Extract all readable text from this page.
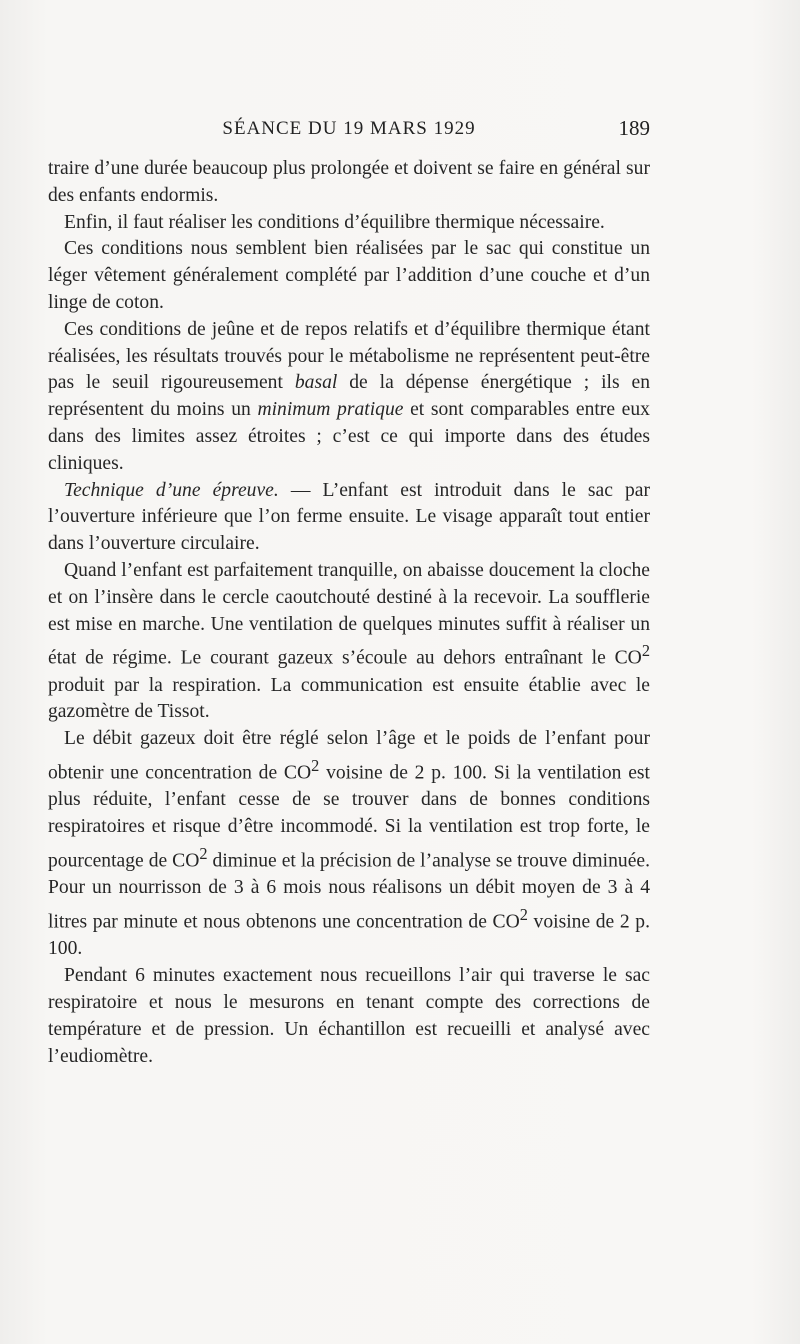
SÉANCE DU 19 MARS 1929	189

traire d’une durée beaucoup plus prolongée et doivent se faire en général sur des enfants endormis.

Enfin, il faut réaliser les conditions d’équilibre thermique nécessaire.

Ces conditions nous semblent bien réalisées par le sac qui constitue un léger vêtement généralement complété par l’addition d’une couche et d’un linge de coton.

Ces conditions de jeûne et de repos relatifs et d’équilibre thermique étant réalisées, les résultats trouvés pour le métabolisme ne représentent peut-être pas le seuil rigoureusement basal de la dépense énergétique ; ils en représentent du moins un minimum pratique et sont comparables entre eux dans des limites assez étroites ; c’est ce qui importe dans des études cliniques.

Technique d’une épreuve. — L’enfant est introduit dans le sac par l’ouverture inférieure que l’on ferme ensuite. Le visage apparaît tout entier dans l’ouverture circulaire.

Quand l’enfant est parfaitement tranquille, on abaisse doucement la cloche et on l’insère dans le cercle caoutchouté destiné à la recevoir. La soufflerie est mise en marche. Une ventilation de quelques minutes suffit à réaliser un état de régime. Le courant gazeux s’écoule au dehors entraînant le $CO^2$ produit par la respiration. La communication est ensuite établie avec le gazomètre de Tissot.

Le débit gazeux doit être réglé selon l’âge et le poids de l’enfant pour obtenir une concentration de $CO^2$ voisine de 2 p. 100. Si la ventilation est plus réduite, l’enfant cesse de se trouver dans de bonnes conditions respiratoires et risque d’être incommodé. Si la ventilation est trop forte, le pourcentage de $CO^2$ diminue et la précision de l’analyse se trouve diminuée. Pour un nourrisson de 3 à 6 mois nous réalisons un débit moyen de 3 à 4 litres par minute et nous obtenons une concentration de $CO^2$ voisine de 2 p. 100.

Pendant 6 minutes exactement nous recueillons l’air qui traverse le sac respiratoire et nous le mesurons en tenant compte des corrections de température et de pression. Un échantillon est recueilli et analysé avec l’eudiomètre.
